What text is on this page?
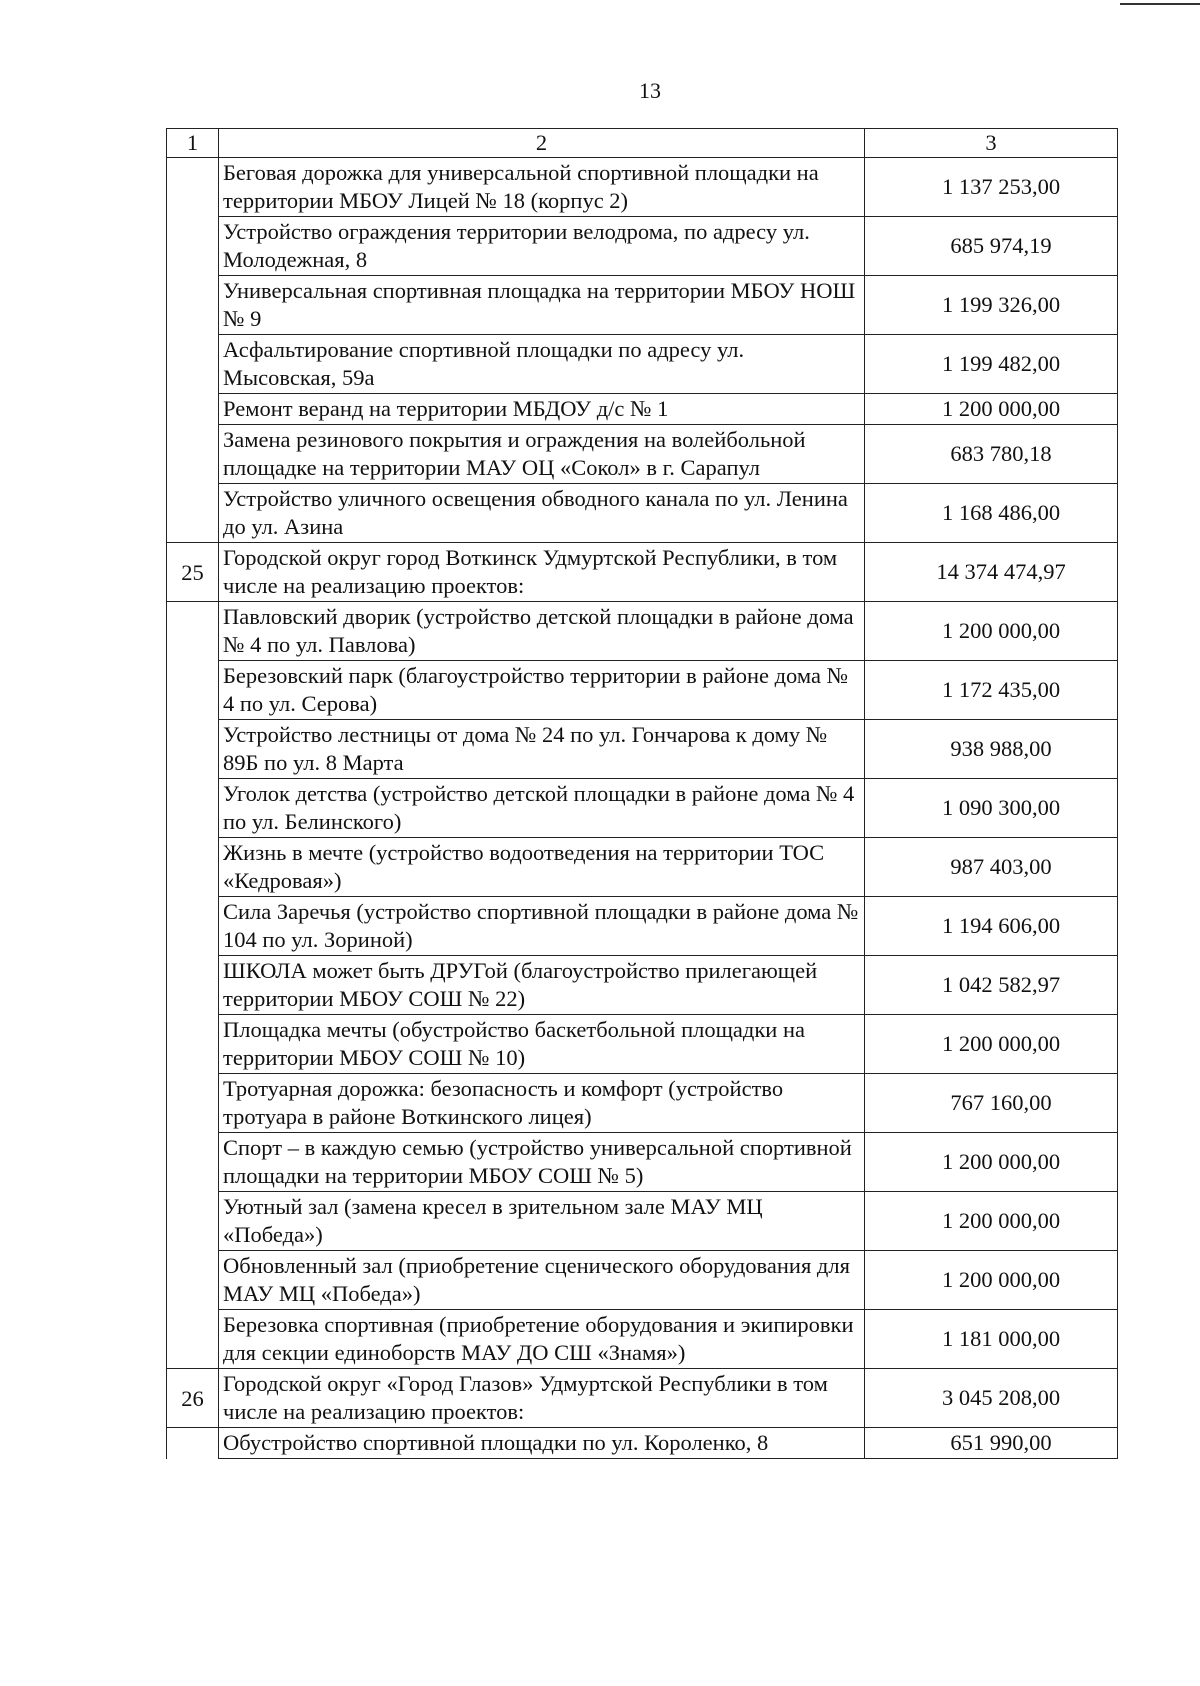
13
1	2	3
	Беговая дорожка для универсальной спортивной площадки на территории МБОУ Лицей № 18 (корпус 2)	1 137 253,00
	Устройство ограждения территории велодрома, по адресу ул. Молодежная, 8	685 974,19
	Универсальная спортивная площадка на территории МБОУ НОШ № 9	1 199 326,00
	Асфальтирование спортивной площадки по адресу ул. Мысовская, 59а	1 199 482,00
	Ремонт веранд на территории МБДОУ д/с № 1	1 200 000,00
	Замена резинового покрытия и ограждения на волейбольной площадке на территории МАУ ОЦ «Сокол» в г. Сарапул	683 780,18
	Устройство уличного освещения обводного канала по ул. Ленина до ул. Азина	1 168 486,00
25	Городской округ город Воткинск Удмуртской Республики, в том числе на реализацию проектов:	14 374 474,97
	Павловский дворик (устройство детской площадки в районе дома № 4 по ул. Павлова)	1 200 000,00
	Березовский парк (благоустройство территории в районе дома № 4 по ул. Серова)	1 172 435,00
	Устройство лестницы от дома № 24 по ул. Гончарова к дому № 89Б по ул. 8 Марта	938 988,00
	Уголок детства (устройство детской площадки в районе дома № 4 по ул. Белинского)	1 090 300,00
	Жизнь в мечте (устройство водоотведения на территории ТОС «Кедровая»)	987 403,00
	Сила Заречья (устройство спортивной площадки в районе дома № 104 по ул. Зориной)	1 194 606,00
	ШКОЛА может быть ДРУГой (благоустройство прилегающей территории МБОУ СОШ № 22)	1 042 582,97
	Площадка мечты (обустройство баскетбольной площадки на территории МБОУ СОШ № 10)	1 200 000,00
	Тротуарная дорожка: безопасность и комфорт (устройство тротуара в районе Воткинского лицея)	767 160,00
	Спорт – в каждую семью (устройство универсальной спортивной площадки на территории МБОУ СОШ № 5)	1 200 000,00
	Уютный зал (замена кресел в зрительном зале МАУ МЦ «Победа»)	1 200 000,00
	Обновленный зал (приобретение сценического оборудования для МАУ МЦ «Победа»)	1 200 000,00
	Березовка спортивная (приобретение оборудования и экипировки для секции единоборств МАУ ДО СШ «Знамя»)	1 181 000,00
26	Городской округ «Город Глазов» Удмуртской Республики в том числе на реализацию проектов:	3 045 208,00
	Обустройство спортивной площадки по ул. Короленко, 8	651 990,00
